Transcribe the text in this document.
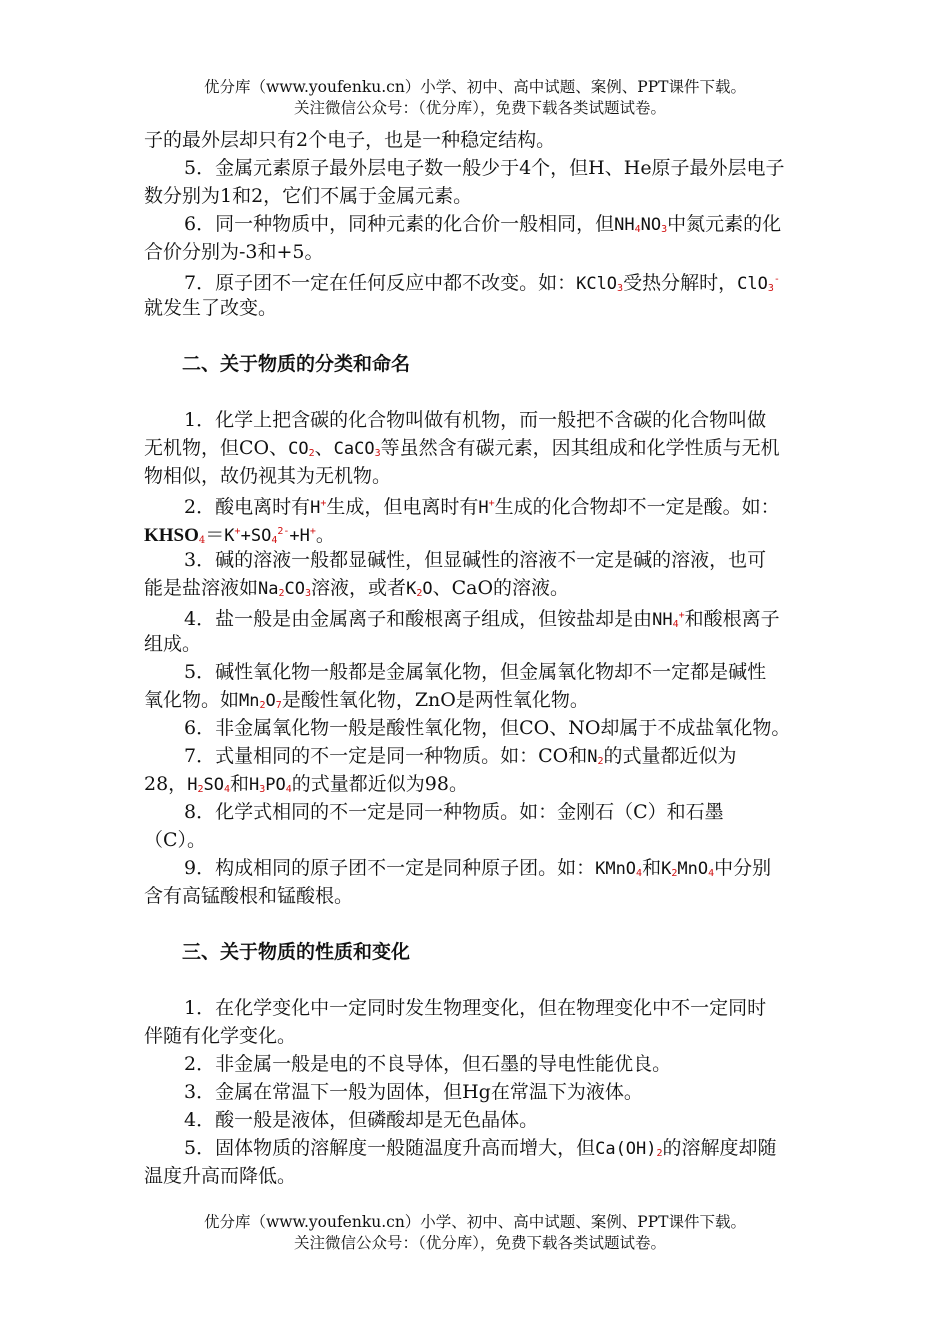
优分库（www.youfenku.cn）小学、初中、高中试题、案例、PPT课件下载。
关注微信公众号：（优分库），免费下载各类试题试卷。
子的最外层却只有2个电子，也是一种稳定结构。
5．金属元素原子最外层电子数一般少于4个，但H、He原子最外层电子
数分别为1和2，它们不属于金属元素。
6．同一种物质中，同种元素的化合价一般相同，但NH4NO3中氮元素的化
合价分别为-3和+5。
7．原子团不一定在任何反应中都不改变。如：KClO3受热分解时，ClO3-
就发生了改变。
二、关于物质的分类和命名
1．化学上把含碳的化合物叫做有机物，而一般把不含碳的化合物叫做
无机物，但CO、CO2、CaCO3等虽然含有碳元素，因其组成和化学性质与无机
物相似，故仍视其为无机物。
2．酸电离时有H+生成，但电离时有H+生成的化合物却不一定是酸。如：
$KHSO4=K^++SO4^{2-}+H^+$。
3．碱的溶液一般都显碱性，但显碱性的溶液不一定是碱的溶液，也可
能是盐溶液如Na2CO3溶液，或者K2O、CaO的溶液。
4．盐一般是由金属离子和酸根离子组成，但铵盐却是由NH4+和酸根离子
组成。
5．碱性氧化物一般都是金属氧化物，但金属氧化物却不一定都是碱性
氧化物。如Mn2O7是酸性氧化物，ZnO是两性氧化物。
6．非金属氧化物一般是酸性氧化物，但CO、NO却属于不成盐氧化物。
7．式量相同的不一定是同一种物质。如：CO和N2的式量都近似为
28，H2SO4和H3PO4的式量都近似为98。
8．化学式相同的不一定是同一种物质。如：金刚石（C）和石墨
（C）。
9．构成相同的原子团不一定是同种原子团。如：KMnO4和K2MnO4中分别
含有高锰酸根和锰酸根。
三、关于物质的性质和变化
1．在化学变化中一定同时发生物理变化，但在物理变化中不一定同时
伴随有化学变化。
2．非金属一般是电的不良导体，但石墨的导电性能优良。
3．金属在常温下一般为固体，但Hg在常温下为液体。
4．酸一般是液体，但磷酸却是无色晶体。
5．固体物质的溶解度一般随温度升高而增大，但Ca(OH)2的溶解度却随
温度升高而降低。
优分库（www.youfenku.cn）小学、初中、高中试题、案例、PPT课件下载。
关注微信公众号：（优分库），免费下载各类试题试卷。
